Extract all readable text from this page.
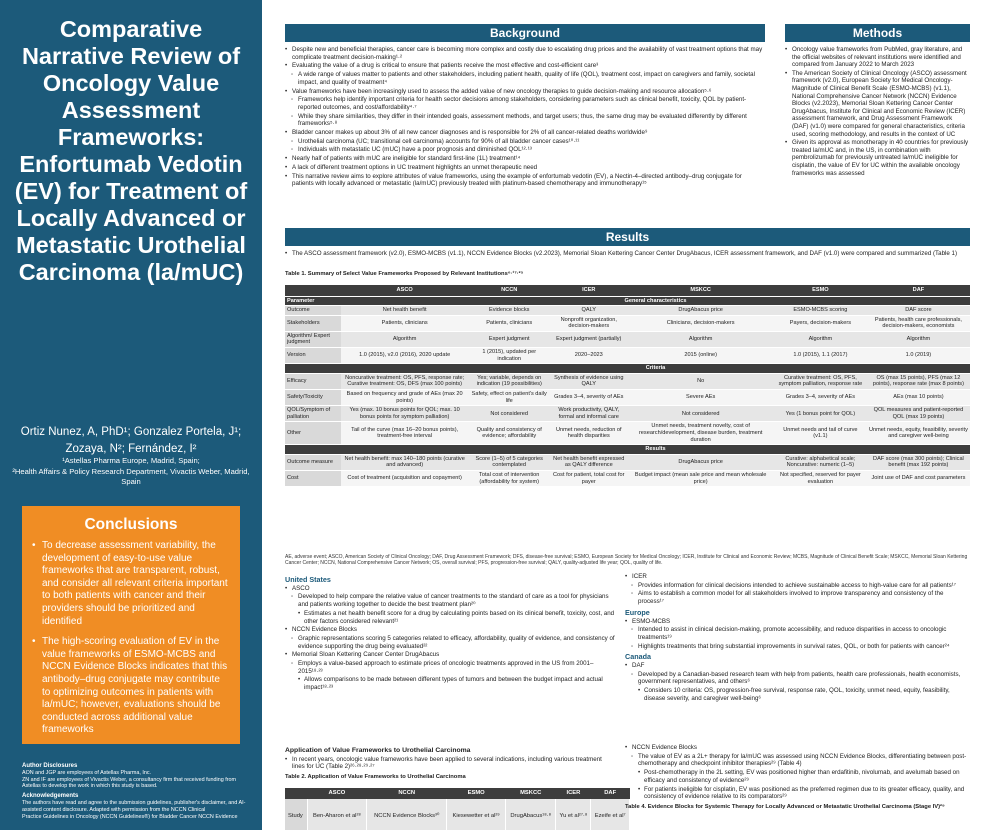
Comparative Narrative Review of Oncology Value Assessment Frameworks: Enfortumab Vedotin (EV) for Treatment of Locally Advanced or Metastatic Urothelial Carcinoma (la/mUC)
Ortiz Nunez, A, PhD¹; Gonzalez Portela, J¹; Zozaya, N²; Fernández, I²
¹Astellas Pharma Europe, Madrid, Spain;
²Health Affairs & Policy Research Department, Vivactis Weber, Madrid, Spain
Conclusions
• To decrease assessment variability, the development of easy-to-use value frameworks that are transparent, robust, and consider all relevant criteria important to both patients with cancer and their providers should be prioritized and identified
• The high-scoring evaluation of EV in the value frameworks of ESMO-MCBS and NCCN Evidence Blocks indicates that this antibody–drug conjugate may contribute to optimizing outcomes in patients with la/mUC; however, evaluations should be conducted across additional value frameworks
Author Disclosures
AON and JGP are employees of Astellas Pharma, Inc.
ZN and IF are employees of Vivactis Weber, a consultancy firm that received funding from Astellas to develop the work in which this study is based.
Acknowledgements
The authors have read and agree to the submission guidelines, publisher's disclaimer, and AI-assisted content disclosure. Adapted with permission from the NCCN Clinical
Practice Guidelines in Oncology (NCCN Guidelines®) for Bladder Cancer NCCN Evidence
Background
• Despite new and beneficial therapies, cancer care is becoming more complex and costly due to escalating drug prices and the availability of vast treatment options that may complicate treatment decision-making¹·²
• Evaluating the value of a drug is critical to ensure that patients receive the most effective and cost-efficient care³
◦ A wide range of values matter to patients and other stakeholders, including patient health, quality of life (QOL), treatment cost, impact on caregivers and family, societal impact, and quality of treatment⁴
• Value frameworks have been increasingly used to assess the added value of new oncology therapies to guide decision-making and resource allocation⁵·⁶
◦ Frameworks help identify important criteria for health sector decisions among stakeholders, considering parameters such as clinical benefit, toxicity, QOL by patient-reported outcomes, and cost/affordability⁴·⁷
◦ While they share similarities, they differ in their intended goals, assessment methods, and target users; thus, the same drug may be evaluated differently by different frameworks⁵·⁸
• Bladder cancer makes up about 3% of all new cancer diagnoses and is responsible for 2% of all cancer-related deaths worldwide⁹
◦ Urothelial carcinoma (UC; transitional cell carcinoma) accounts for 90% of all bladder cancer cases¹⁰·¹¹
◦ Individuals with metastatic UC (mUC) have a poor prognosis and diminished QOL¹²·¹³
• Nearly half of patients with mUC are ineligible for standard first-line (1L) treatment¹⁴
• A lack of different treatment options in UC treatment highlights an unmet therapeutic need
• This narrative review aims to explore attributes of value frameworks, using the example of enfortumab vedotin (EV), a Nectin-4–directed antibody–drug conjugate for patients with locally advanced or metastatic (la/mUC) previously treated with platinum-based chemotherapy and immunotherapy¹⁵
Methods
• Oncology value frameworks from PubMed, gray literature, and the official websites of relevant institutions were identified and compared from January 2022 to March 2023
• The American Society of Clinical Oncology (ASCO) assessment framework (v2.0), European Society for Medical Oncology-Magnitude of Clinical Benefit Scale (ESMO-MCBS) (v1.1), National Comprehensive Cancer Network (NCCN) Evidence Blocks (v2.2023), Memorial Sloan Kettering Cancer Center DrugAbacus, Institute for Clinical and Economic Review (ICER) assessment framework, and Drug Assessment Framework (DAF) (v1.0) were compared for general characteristics, criteria used, scoring methodology, and results in the context of UC
• Given its approval as monotherapy in 40 countries for previously treated la/mUC and, in the US, in combination with pembrolizumab for previously untreated la/mUC ineligible for cisplatin, the value of EV for UC within the available oncology frameworks was assessed
Results
• The ASCO assessment framework (v2.0), ESMO-MCBS (v1.1), NCCN Evidence Blocks (v2.2023), Memorial Sloan Kettering Cancer Center DrugAbacus, ICER assessment framework, and DAF (v1.0) were compared and summarized (Table 1)
Table 1. Summary of Select Value Frameworks Proposed by Relevant Institutions⁶·¹⁷·²⁵
	ASCO	NCCN	ICER	MSKCC	ESMO	DAF
Parameter	General characteristics					
Outcome	Net health benefit	Evidence blocks	QALY	DrugAbacus price	ESMO-MCBS scoring	DAF score
Stakeholders	Patients, clinicians	Patients, clinicians	Nonprofit organization, decision-makers	Clinicians, decision-makers	Payers, decision-makers	Patients, health care professionals, decision-makers, economists
Algorithm/ Expert judgment	Algorithm	Expert judgment	Expert judgment (partially)	Algorithm	Algorithm	Algorithm
Version	1.0 (2015), v2.0 (2016), 2020 update	1 (2015), updated per indication	2020–2023	2015 (online)	1.0 (2015), 1.1 (2017)	1.0 (2019)
	Criteria					
Efficacy	Noncurative treatment: OS, PFS, response rate; Curative treatment: OS, DFS (max 100 points)	Yes; variable, depends on indication (19 possibilities)	Synthesis of evidence using QALY	No	Curative treatment: OS, PFS, symptom palliation, response rate	OS (max 15 points), PFS (max 12 points), response rate (max 8 points)
Safety/Toxicity	Based on frequency and grade of AEs (max 20 points)	Safety, effect on patient's daily life	Grades 3–4, severity of AEs	Severe AEs	Grades 3–4, severity of AEs	AEs (max 10 points)
QOL/Symptom of palliation	Yes (max. 10 bonus points for QOL; max. 10 bonus points for symptom palliation)	Not considered	Work productivity, QALY, formal and informal care	Not considered	Yes (1 bonus point for QOL)	QOL measures and patient-reported QOL (max 19 points)
Other	Tail of the curve (max 16–20 bonus points), treatment-free interval	Quality and consistency of evidence; affordability	Unmet needs, reduction of health disparities	Unmet needs, treatment novelty, cost of research/development, disease burden, treatment duration	Unmet needs and tail of curve (v1.1)	Unmet needs, equity, feasibility, severity and caregiver well-being
	Results					
Outcome measure	Net health benefit: max 140–180 points (curative and advanced)	Score (1–5) of 5 categories contemplated	Net health benefit expressed as QALY difference	DrugAbacus price	Curative: alphabetical scale; Noncurative: numeric (1–5)	DAF score (max 300 points); Clinical benefit (max 192 points)
Cost	Cost of treatment (acquisition and copayment)	Total cost of intervention (affordability for system)	Cost for patient, total cost for payer	Budget impact (mean sale price and mean wholesale price)	Not specified, reserved for payer evaluation	Joint use of DAF and cost parameters
AE, adverse event; ASCO, American Society of Clinical Oncology; DAF, Drug Assessment Framework; DFS, disease-free survival; ESMO, European Society for Medical Oncology; ICER, Institute for Clinical and Economic Review; MCBS, Magnitude of Clinical Benefit Scale; MSKCC, Memorial Sloan Kettering Cancer Center; NCCN, National Comprehensive Cancer Network; OS, overall survival; PFS, progression-free survival; QALY, quality-adjusted life year; QOL, quality of life.
United States
• ASCO
◦ Developed to help compare the relative value of cancer treatments to the standard of care as a tool for physicians and patients working together to decide the best treatment plan²⁰
• Estimates a net health benefit score for a drug by calculating points based on its clinical benefit, toxicity, cost, and other factors considered relevant²¹
• NCCN Evidence Blocks
◦ Graphic representations scoring 5 categories related to efficacy, affordability, quality of evidence, and consistency of evidence supporting the drug being evaluated²²
• Memorial Sloan Kettering Cancer Center DrugAbacus
◦ Employs a value-based approach to estimate prices of oncologic treatments approved in the US from 2001–2015¹⁸·²³
• Allows comparisons to be made between different types of tumors and between the budget impact and actual impact¹⁸·²³
• ICER
◦ Provides information for clinical decisions intended to achieve sustainable access to high-value care for all patients¹⁷
◦ Aims to establish a common model for all stakeholders involved to improve transparency and consistency of the process¹⁷
Europe
• ESMO-MCBS
◦ Intended to assist in clinical decision-making, promote accessibility, and reduce disparities in access to oncologic treatments¹⁹
◦ Highlights treatments that bring substantial improvements in survival rates, QOL, or both for patients with cancer²⁴
Canada
• DAF
◦ Developed by a Canadian-based research team with help from patients, health care professionals, health economists, government representatives, and others⁶
• Considers 10 criteria: OS, progression-free survival, response rate, QOL, toxicity, unmet need, equity, feasibility, disease severity, and caregiver well-being⁶
Application of Value Frameworks to Urothelial Carcinoma
• In recent years, oncologic value frameworks have been applied to several indications, including various treatment lines for UC (Table 2)²⁶·²⁸·²⁹·²⁷
Table 2. Application of Value Frameworks to Urothelial Carcinoma
	ASCO	NCCN	ESMO	MSKCC	ICER	DAF
Study	Ben-Aharon et al²⁸	NCCN Evidence Blocks³⁰	Kiesewetter et al²⁹	DrugAbacus¹⁸·⁸	Yu et al²⁷·⁸	Ezeife et al⁷
• NCCN Evidence Blocks
◦ The value of EV as a 2L+ therapy for la/mUC was assessed using NCCN Evidence Blocks, differentiating between post-chemotherapy and checkpoint inhibitor therapies²⁹ (Table 4)
• Post-chemotherapy in the 2L setting, EV was positioned higher than erdafitinib, nivolumab, and avelumab based on efficacy and consistency of evidence²⁹
• For patients ineligible for cisplatin, EV was positioned as the preferred regimen due to its greater efficacy, quality, and consistency of evidence relative to its comparators²⁹
Table 4. Evidence Blocks for Systemic Therapy for Locally Advanced or Metastatic Urothelial Carcinoma (Stage IV)²⁹
